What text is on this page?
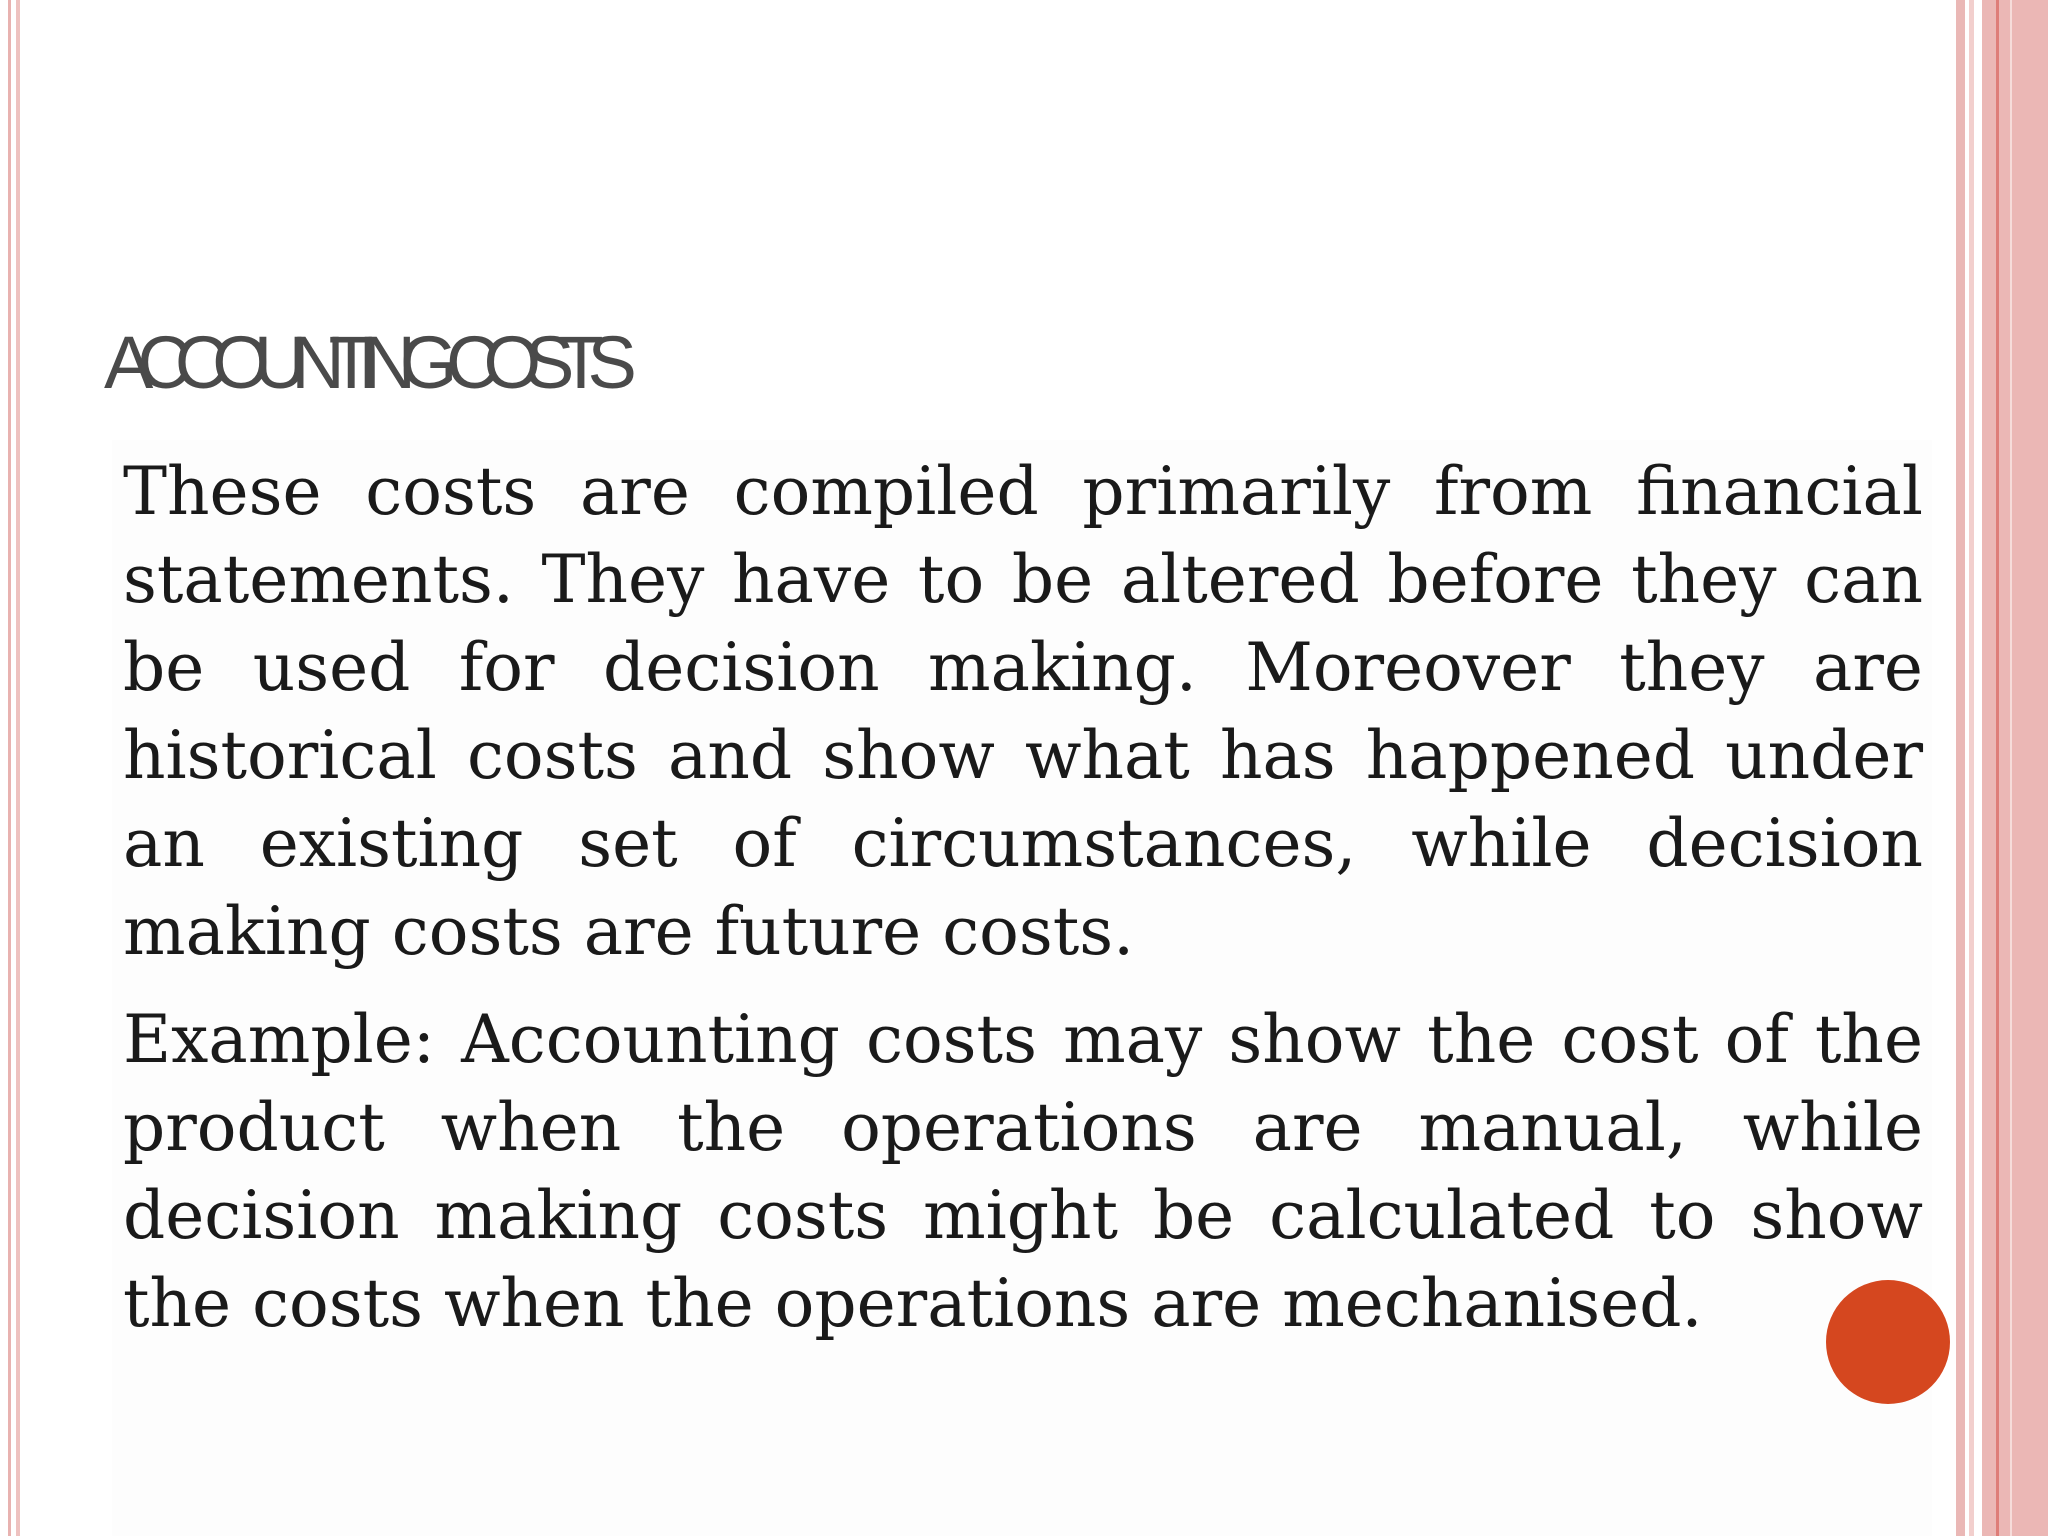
ACCOUNTING COSTS

These costs are compiled primarily from financial statements. They have to be altered before they can be used for decision making. Moreover they are historical costs and show what has happened under an existing set of circumstances, while decision making costs are future costs.

Example: Accounting costs may show the cost of the product when the operations are manual, while decision making costs might be calculated to show the costs when the operations are mechanised.
